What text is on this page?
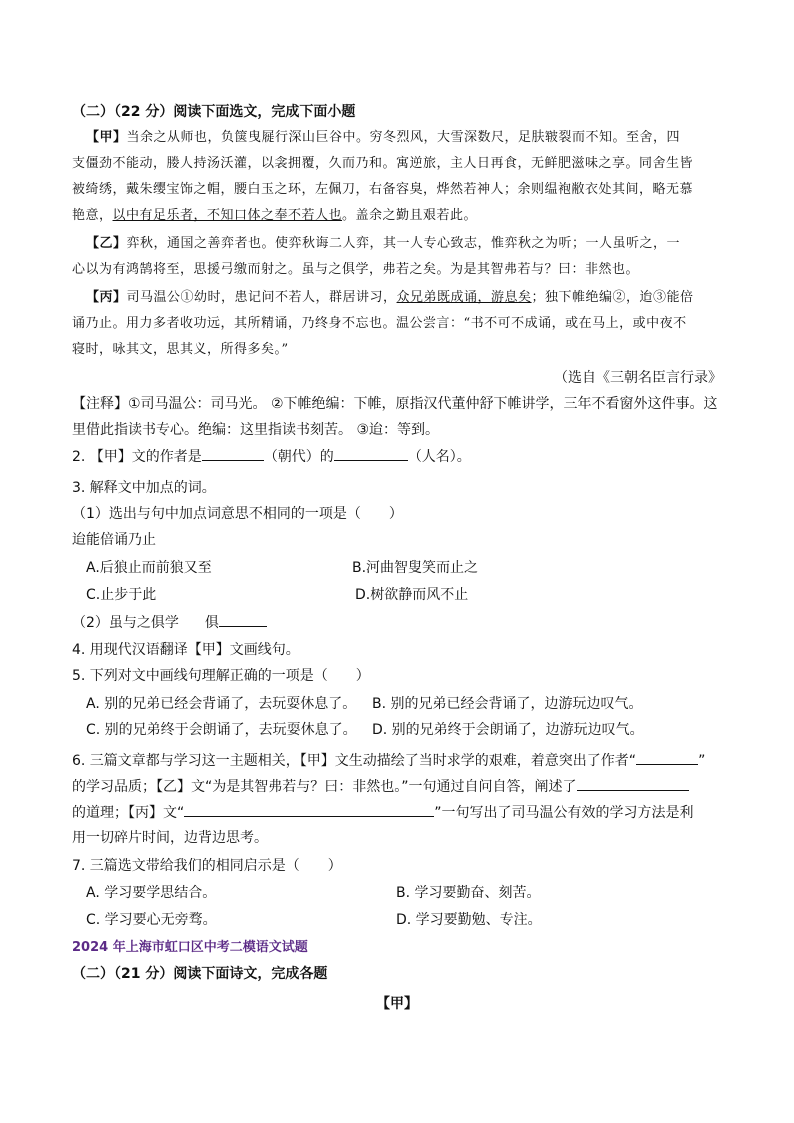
（二）（22 分）阅读下面选文，完成下面小题
【甲】当余之从师也，负箧曳屣行深山巨谷中。穷冬烈风，大雪深数尺，足肤皲裂而不知。至舍，四
支僵劲不能动，媵人持汤沃灌，以衾拥覆，久而乃和。寓逆旅，主人日再食，无鲜肥滋味之享。同舍生皆
被绮绣，戴朱缨宝饰之帽，腰白玉之环，左佩刀，右备容臭，烨然若神人；余则缊袍敝衣处其间，略无慕
艳意，以中有足乐者，不知口体之奉不若人也。盖余之勤且艰若此。
【乙】弈秋，通国之善弈者也。使弈秋诲二人弈，其一人专心致志，惟弈秋之为听；一人虽听之，一
心以为有鸿鹄将至，思援弓缴而射之。虽与之俱学，弗若之矣。为是其智弗若与？曰：非然也。
【丙】司马温公①幼时，患记问不若人，群居讲习，众兄弟既成诵，游息矣；独下帷绝编②，迨③能倍
诵乃止。用力多者收功远，其所精诵，乃终身不忘也。温公尝言：“书不可不成诵，或在马上，或中夜不
寝时，咏其文，思其义，所得多矣。”
（选自《三朝名臣言行录》
【注释】①司马温公：司马光。 ②下帷绝编：下帷，原指汉代董仲舒下帷讲学，三年不看窗外这件事。这
里借此指读书专心。绝编：这里指读书刻苦。 ③迨：等到。
2. 【甲】文的作者是	（朝代）的	（人名）。
3. 解释文中加点的词。
（1）选出与句中加点词意思不相同的一项是（　　）
迨能倍诵乃止
A.后狼止而前狼又至	B.河曲智叟笑而止之
C.止步于此	D.树欲静而风不止
（2）虽与之俱学 俱
4. 用现代汉语翻译【甲】文画线句。
5. 下列对文中画线句理解正确的一项是（　　）
A. 别的兄弟已经会背诵了，去玩耍休息了。 B. 别的兄弟已经会背诵了，边游玩边叹气。
C. 别的兄弟终于会朗诵了，去玩耍休息了。 D. 别的兄弟终于会朗诵了，边游玩边叹气。
6. 三篇文章都与学习这一主题相关，【甲】文生动描绘了当时求学的艰难，着意突出了作者“	”
的学习品质；【乙】文“为是其智弗若与？曰：非然也。”一句通过自问自答，阐述了
的道理；【丙】文“	”一句写出了司马温公有效的学习方法是利
用一切碎片时间，边背边思考。
7. 三篇选文带给我们的相同启示是（　　）
A. 学习要学思结合。	B. 学习要勤奋、刻苦。
C. 学习要心无旁骛。	D. 学习要勤勉、专注。
2024 年上海市虹口区中考二模语文试题
（二）（21 分）阅读下面诗文，完成各题
【甲】
